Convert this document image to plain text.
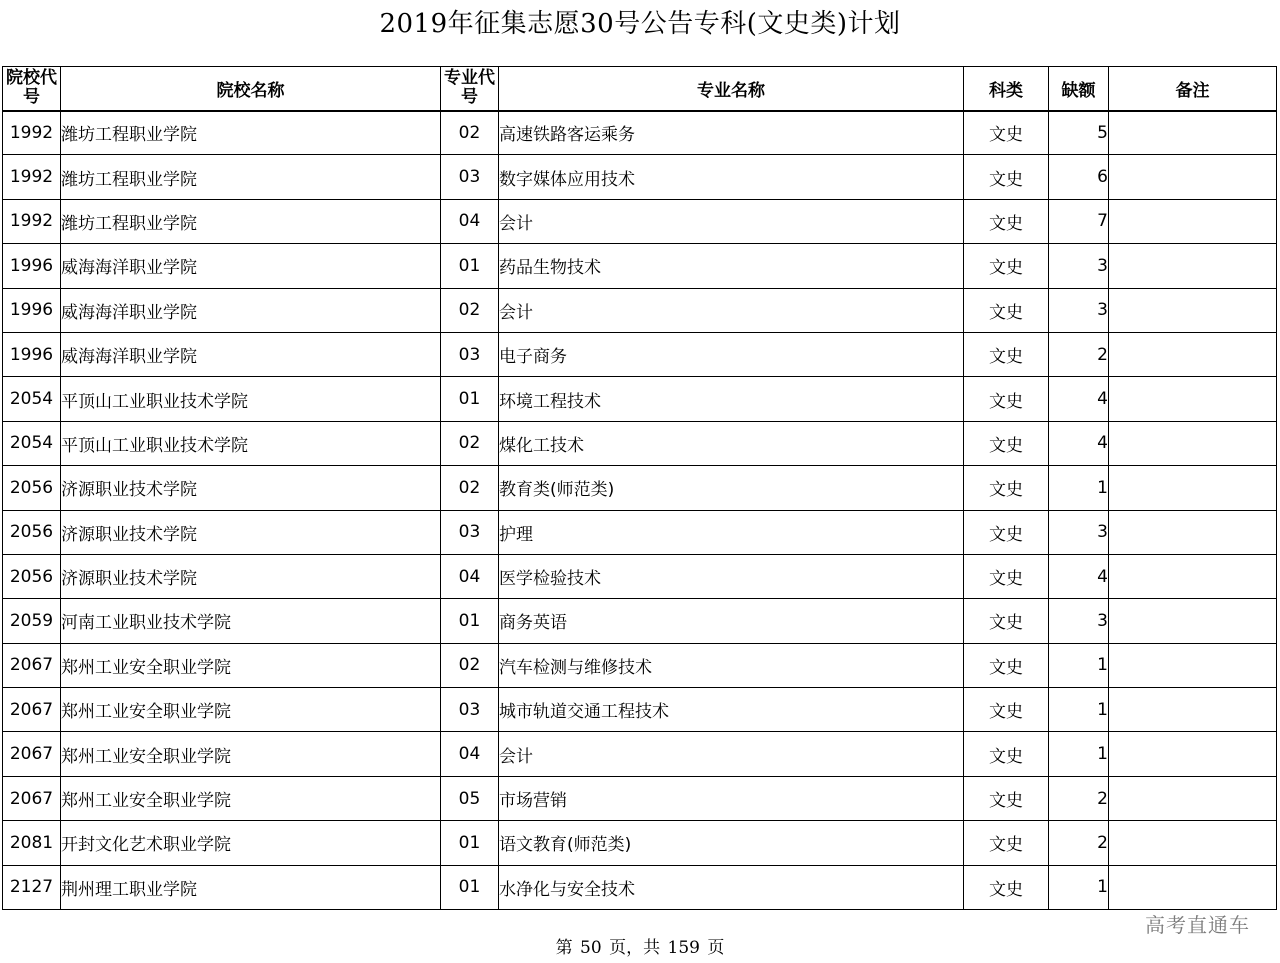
2019年征集志愿30号公告专科(文史类)计划
院校代号	院校名称	专业代号	专业名称	科类	缺额	备注
1992	潍坊工程职业学院	02	高速铁路客运乘务	文史	5	
1992	潍坊工程职业学院	03	数字媒体应用技术	文史	6	
1992	潍坊工程职业学院	04	会计	文史	7	
1996	威海海洋职业学院	01	药品生物技术	文史	3	
1996	威海海洋职业学院	02	会计	文史	3	
1996	威海海洋职业学院	03	电子商务	文史	2	
2054	平顶山工业职业技术学院	01	环境工程技术	文史	4	
2054	平顶山工业职业技术学院	02	煤化工技术	文史	4	
2056	济源职业技术学院	02	教育类(师范类)	文史	1	
2056	济源职业技术学院	03	护理	文史	3	
2056	济源职业技术学院	04	医学检验技术	文史	4	
2059	河南工业职业技术学院	01	商务英语	文史	3	
2067	郑州工业安全职业学院	02	汽车检测与维修技术	文史	1	
2067	郑州工业安全职业学院	03	城市轨道交通工程技术	文史	1	
2067	郑州工业安全职业学院	04	会计	文史	1	
2067	郑州工业安全职业学院	05	市场营销	文史	2	
2081	开封文化艺术职业学院	01	语文教育(师范类)	文史	2	
2127	荆州理工职业学院	01	水净化与安全技术	文史	1	
高考直通车
第 50 页，共 159 页
